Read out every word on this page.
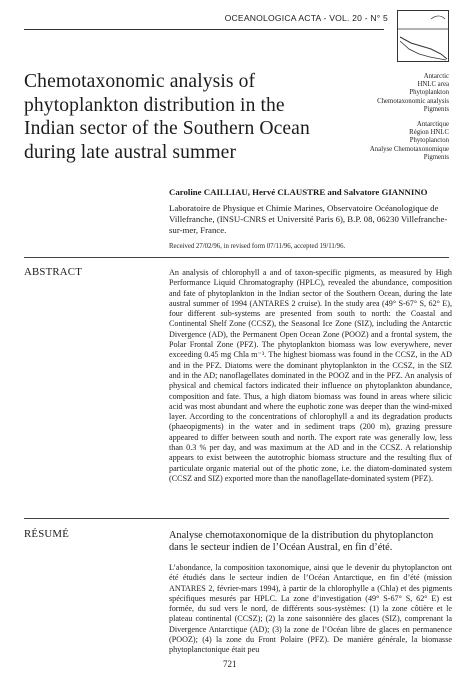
OCEANOLOGICA ACTA - VOL. 20 - N° 5
Chemotaxonomic analysis of
phytoplankton distribution in the
Indian sector of the Southern Ocean
during late austral summer
Antarctic
HNLC area
Phytoplankton
Chemotaxonomic analysis
Pigments
Antarctique
Région HNLC
Phytoplancton
Analyse Chemotaxonomique
Pigments
Caroline CAILLIAU, Hervé CLAUSTRE and Salvatore GIANNINO

Laboratoire de Physique et Chimie Marines, Observatoire Océanologique de Villefranche, (INSU-CNRS et Université Paris 6), B.P. 08, 06230 Villefranche-sur-mer, France.

Received 27/02/96, in revised form 07/11/96, accepted 19/11/96.
ABSTRACT	An analysis of chlorophyll a and of taxon-specific pigments, as measured by High Performance Liquid Chromatography (HPLC), revealed the abundance, composition and fate of phytoplankton in the Indian sector of the Southern Ocean, during the late austral summer of 1994 (ANTARES 2 cruise). In the study area (49° S-67° S, 62° E), four different sub-systems are presented from south to north: the Coastal and Continental Shelf Zone (CCSZ), the Seasonal Ice Zone (SIZ), including the Antarctic Divergence (AD), the Permanent Open Ocean Zone (POOZ) and a frontal system, the Polar Frontal Zone (PFZ). The phytoplankton biomass was low everywhere, never exceeding 0.45 mg Chla m⁻³. The highest biomass was found in the CCSZ, in the AD and in the PFZ. Diatoms were the dominant phytoplankton in the CCSZ, in the SIZ and in the AD; nanoflagellates dominated in the POOZ and in the PFZ. An analysis of physical and chemical factors indicated their influence on phytoplankton abundance, composition and fate. Thus, a high diatom biomass was found in areas where silicic acid was most abundant and where the euphotic zone was deeper than the wind-mixed layer. According to the concentrations of chlorophyll a and its degradation products (phaeopigments) in the water and in sediment traps (200 m), grazing pressure appeared to differ between south and north. The export rate was generally low, less than 0.3 % per day, and was maximum at the AD and in the CCSZ. A relationship appears to exist between the autotrophic biomass structure and the resulting flux of particulate organic material out of the photic zone, i.e. the diatom-dominated system (CCSZ and SIZ) exported more than the nanoflagellate-dominated system (PFZ).

RÉSUMÉ	Analyse chemotaxonomique de la distribution du phytoplancton dans le secteur indien de l’Océan Austral, en fin d’été.

L’abondance, la composition taxonomique, ainsi que le devenir du phytoplancton ont été étudiés dans le secteur indien de l’Océan Antarctique, en fin d’été (mission ANTARES 2, février-mars 1994), à partir de la chlorophylle a (Chla) et des pigments spécifiques mesurés par HPLC. La zone d’investigation (49° S-67° S, 62° E) est formée, du sud vers le nord, de différents sous-systèmes: (1) la zone côtière et le plateau continental (CCSZ); (2) la zone saisonnière des glaces (SIZ), comprenant la Divergence Antarctique (AD); (3) la zone de l’Océan libre de glaces en permanence (POOZ); (4) la zone du Front Polaire (PFZ). De manière générale, la biomasse phytoplanctonique était peu

721
